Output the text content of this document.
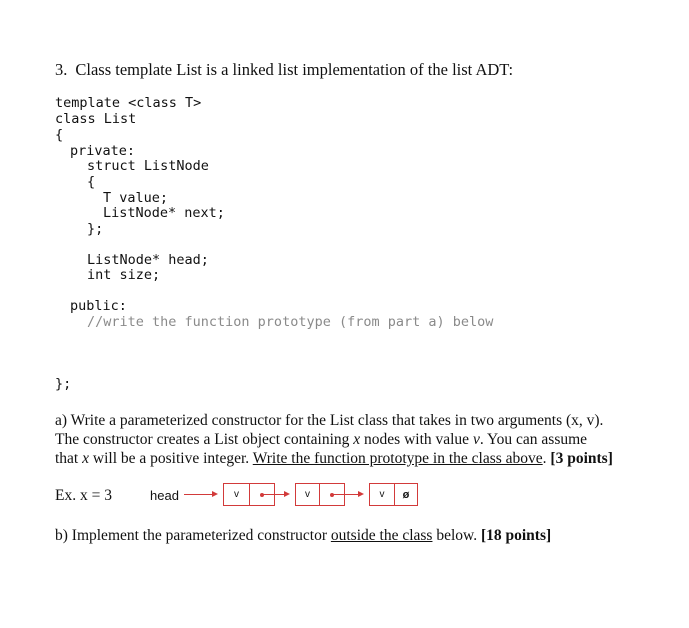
3. Class template List is a linked list implementation of the list ADT:
template <class T>
class List
{
private:
struct ListNode
{
T value;
ListNode* next;
};
ListNode* head;
int size;
public:
//write the function prototype (from part a) below
};
a) Write a parameterized constructor for the List class that takes in two arguments (x, v).
The constructor creates a List object containing x nodes with value v. You can assume
that x will be a positive integer. Write the function prototype in the class above. [3 points]
Ex. x = 3	head	v	v	v	ø
b) Implement the parameterized constructor outside the class below. [18 points]
